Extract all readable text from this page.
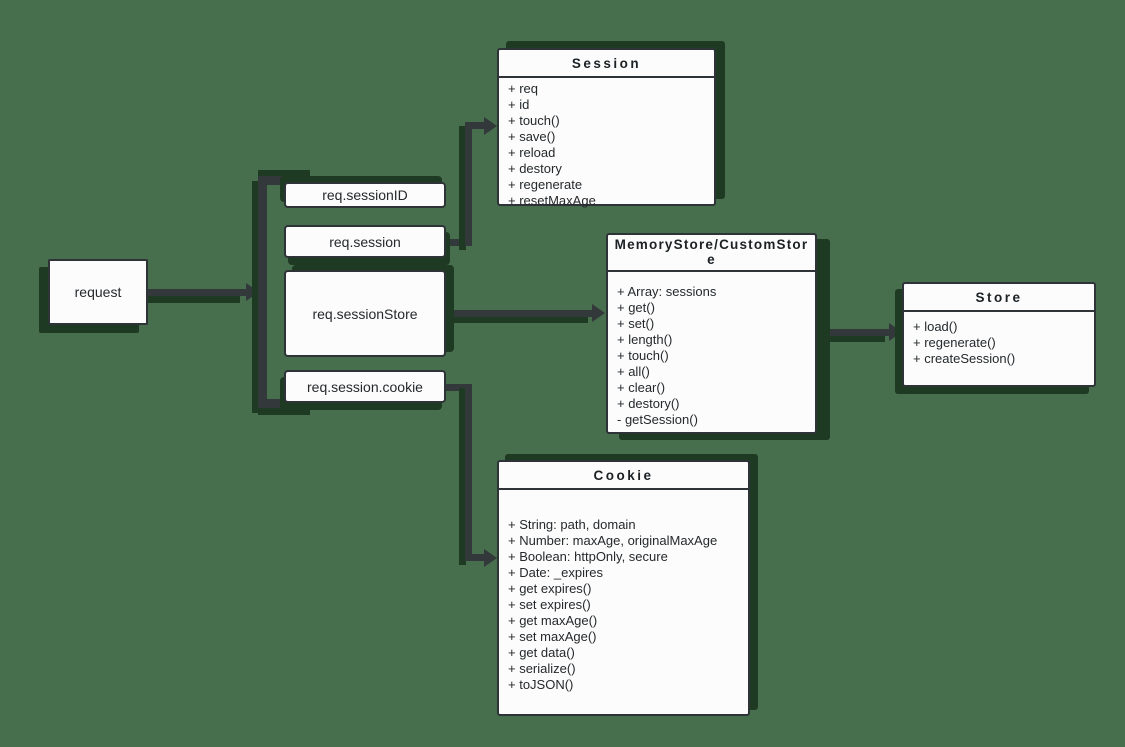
request
req.sessionID
req.session
req.sessionStore
req.session.cookie
Session
+ req
+ id
+ touch()
+ save()
+ reload
+ destory
+ regenerate
+ resetMaxAge
MemoryStore/CustomStore
+ Array: sessions
+ get()
+ set()
+ length()
+ touch()
+ all()
+ clear()
+ destory()
- getSession()
Store
+ load()
+ regenerate()
+ createSession()
Cookie
+ String: path, domain
+ Number: maxAge, originalMaxAge
+ Boolean: httpOnly, secure
+ Date: _expires
+ get expires()
+ set expires()
+ get maxAge()
+ set maxAge()
+ get data()
+ serialize()
+ toJSON()
